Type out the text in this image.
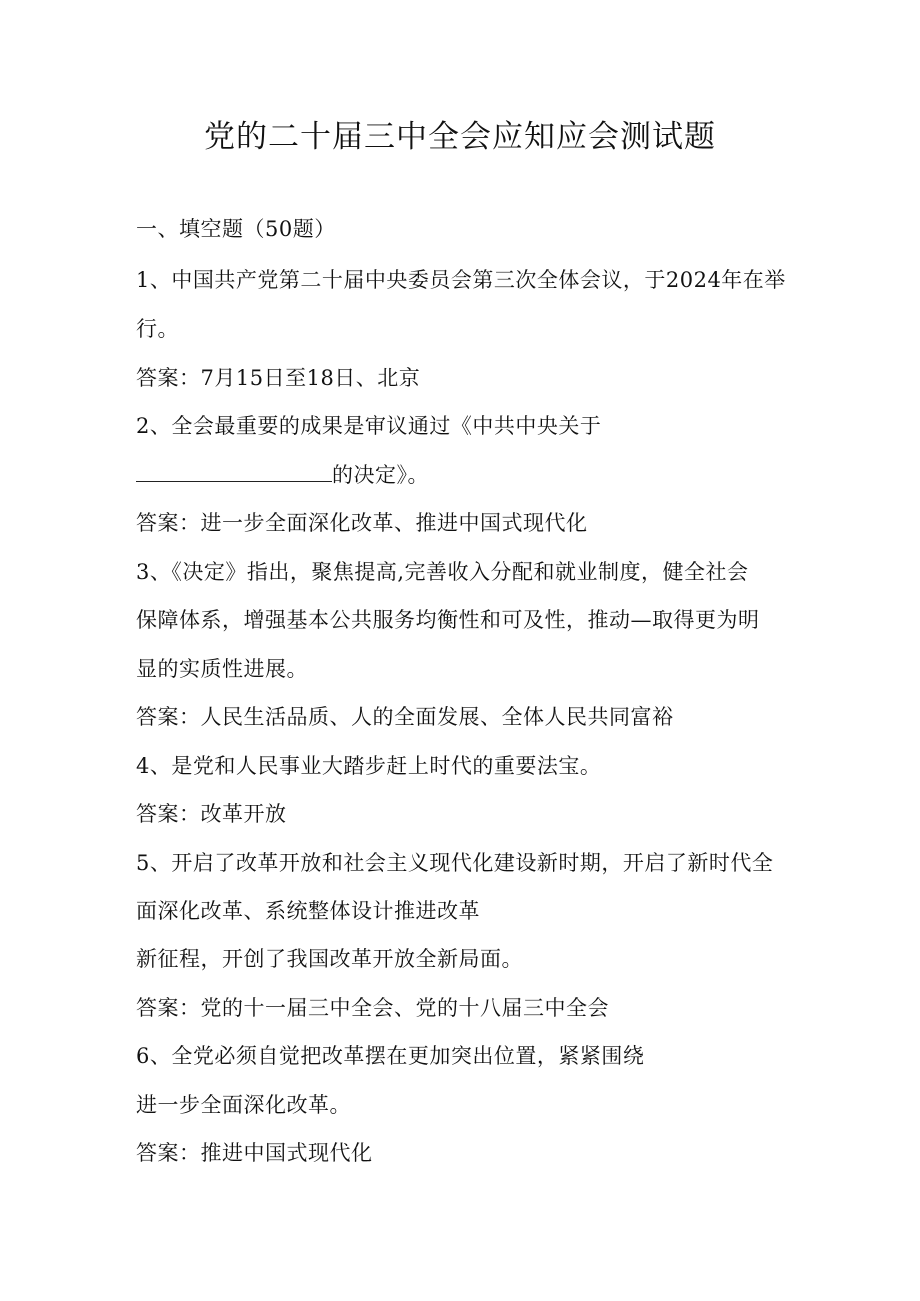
党的二十届三中全会应知应会测试题
一、填空题（50题）
1、中国共产党第二十届中央委员会第三次全体会议，于2024年在举
行。
答案：7月15日至18日、北京
2、全会最重要的成果是审议通过《中共中央关于
的决定》。
答案：进一步全面深化改革、推进中国式现代化
3、《决定》指出，聚焦提高,完善收入分配和就业制度，健全社会
保障体系，增强基本公共服务均衡性和可及性，推动—取得更为明
显的实质性进展。
答案：人民生活品质、人的全面发展、全体人民共同富裕
4、是党和人民事业大踏步赶上时代的重要法宝。
答案：改革开放
5、开启了改革开放和社会主义现代化建设新时期，开启了新时代全
面深化改革、系统整体设计推进改革
新征程，开创了我国改革开放全新局面。
答案：党的十一届三中全会、党的十八届三中全会
6、全党必须自觉把改革摆在更加突出位置，紧紧围绕
进一步全面深化改革。
答案：推进中国式现代化
